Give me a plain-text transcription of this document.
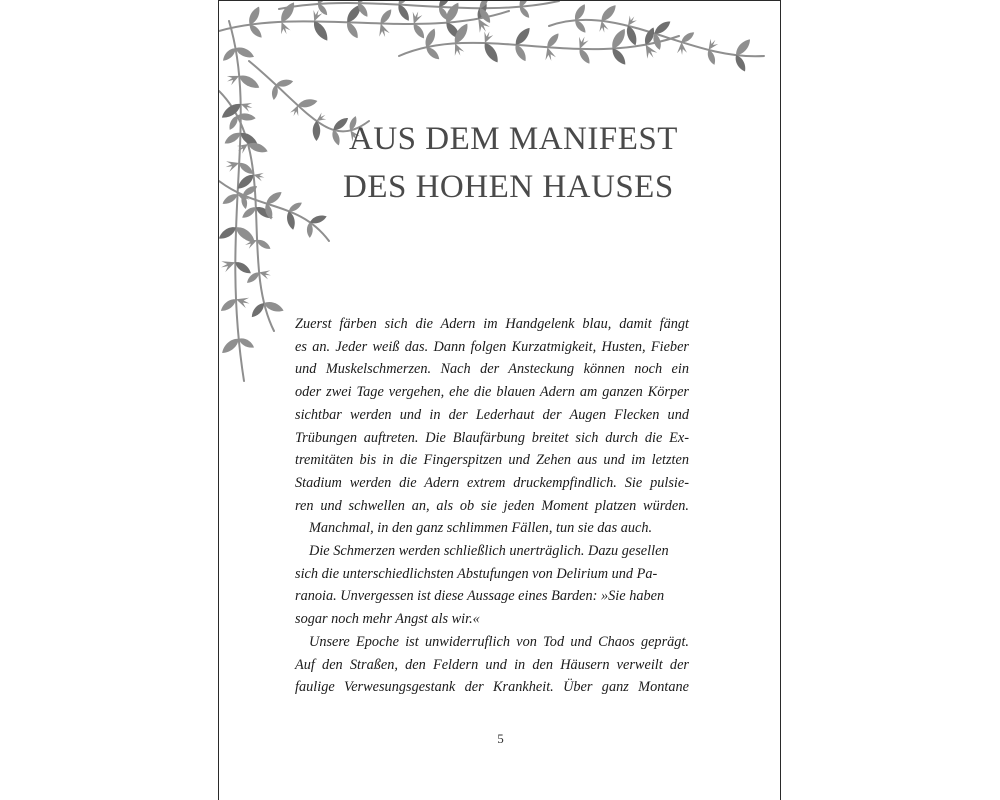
AUS DEM MANIFEST
DES HOHEN HAUSES

Zuerst färben sich die Adern im Handgelenk blau, damit fängt
es an. Jeder weiß das. Dann folgen Kurzatmigkeit, Husten, Fieber
und Muskelschmerzen. Nach der Ansteckung können noch ein
oder zwei Tage vergehen, ehe die blauen Adern am ganzen Körper
sichtbar werden und in der Lederhaut der Augen Flecken und
Trübungen auftreten. Die Blaufärbung breitet sich durch die Ex-
tremitäten bis in die Fingerspitzen und Zehen aus und im letzten
Stadium werden die Adern extrem druckempfindlich. Sie pulsie-
ren und schwellen an, als ob sie jeden Moment platzen würden.

Manchmal, in den ganz schlimmen Fällen, tun sie das auch.

Die Schmerzen werden schließlich unerträglich. Dazu gesellen
sich die unterschiedlichsten Abstufungen von Delirium und Pa-
ranoia. Unvergessen ist diese Aussage eines Barden: »Sie haben
sogar noch mehr Angst als wir.«

Unsere Epoche ist unwiderruflich von Tod und Chaos geprägt.
Auf den Straßen, den Feldern und in den Häusern verweilt der
faulige Verwesungsgestank der Krankheit. Über ganz Montane

5
